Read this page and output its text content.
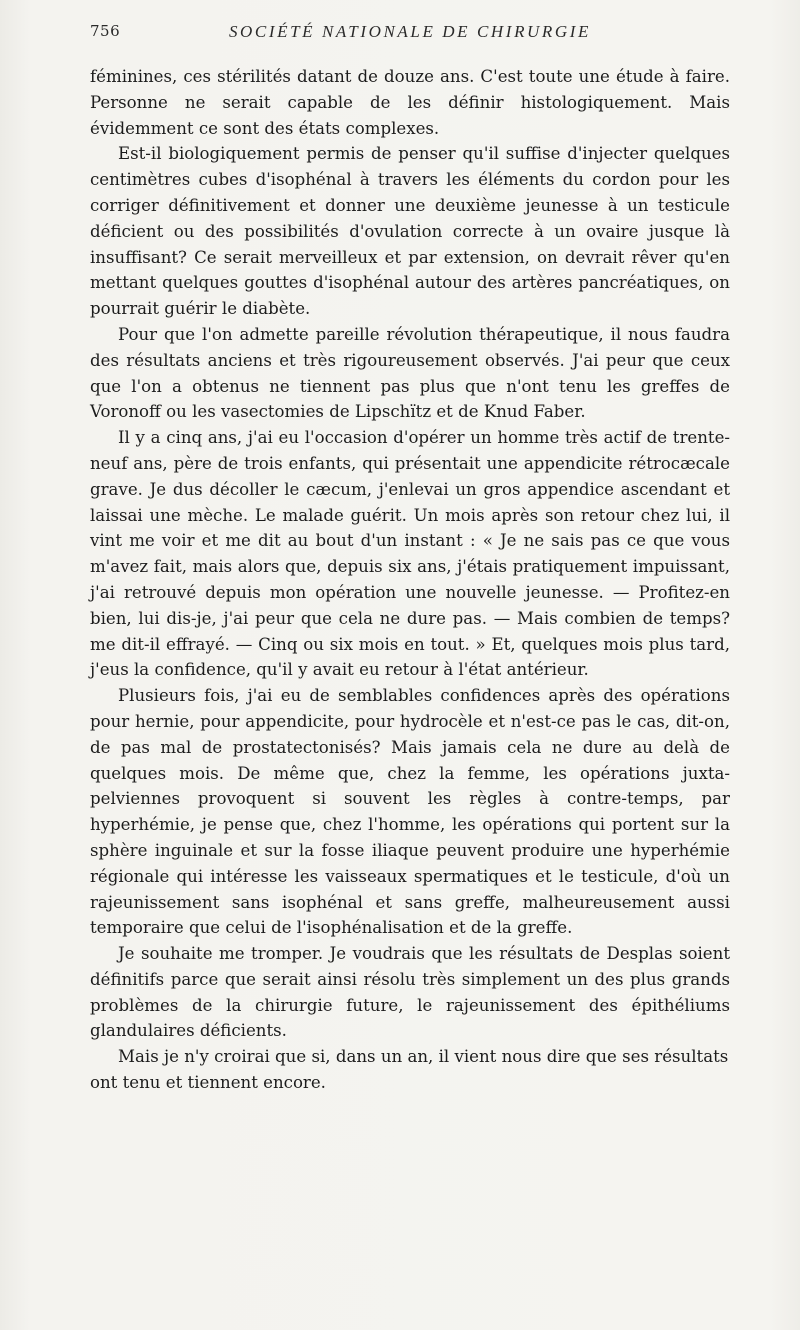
756	SOCIÉTÉ NATIONALE DE CHIRURGIE

féminines, ces stérilités datant de douze ans. C'est toute une étude à faire. Personne ne serait capable de les définir histologiquement. Mais évidemment ce sont des états complexes.

Est-il biologiquement permis de penser qu'il suffise d'injecter quelques centimètres cubes d'isophénal à travers les éléments du cordon pour les corriger définitivement et donner une deuxième jeunesse à un testicule déficient ou des possibilités d'ovulation correcte à un ovaire jusque là insuffisant? Ce serait merveilleux et par extension, on devrait rêver qu'en mettant quelques gouttes d'isophénal autour des artères pancréatiques, on pourrait guérir le diabète.

Pour que l'on admette pareille révolution thérapeutique, il nous faudra des résultats anciens et très rigoureusement observés. J'ai peur que ceux que l'on a obtenus ne tiennent pas plus que n'ont tenu les greffes de Voronoff ou les vasectomies de Lipschïtz et de Knud Faber.

Il y a cinq ans, j'ai eu l'occasion d'opérer un homme très actif de trente-neuf ans, père de trois enfants, qui présentait une appendicite rétrocæcale grave. Je dus décoller le cæcum, j'enlevai un gros appendice ascendant et laissai une mèche. Le malade guérit. Un mois après son retour chez lui, il vint me voir et me dit au bout d'un instant : « Je ne sais pas ce que vous m'avez fait, mais alors que, depuis six ans, j'étais pratiquement impuissant, j'ai retrouvé depuis mon opération une nouvelle jeunesse. — Profitez-en bien, lui dis-je, j'ai peur que cela ne dure pas. — Mais combien de temps? me dit-il effrayé. — Cinq ou six mois en tout. » Et, quelques mois plus tard, j'eus la confidence, qu'il y avait eu retour à l'état antérieur.

Plusieurs fois, j'ai eu de semblables confidences après des opérations pour hernie, pour appendicite, pour hydrocèle et n'est-ce pas le cas, dit-on, de pas mal de prostatectonisés? Mais jamais cela ne dure au delà de quelques mois. De même que, chez la femme, les opérations juxta-pelviennes provoquent si souvent les règles à contre-temps, par hyperhémie, je pense que, chez l'homme, les opérations qui portent sur la sphère inguinale et sur la fosse iliaque peuvent produire une hyperhémie régionale qui intéresse les vaisseaux spermatiques et le testicule, d'où un rajeunissement sans isophénal et sans greffe, malheureusement aussi temporaire que celui de l'isophénalisation et de la greffe.

Je souhaite me tromper. Je voudrais que les résultats de Desplas soient définitifs parce que serait ainsi résolu très simplement un des plus grands problèmes de la chirurgie future, le rajeunissement des épithéliums glandulaires déficients.

Mais je n'y croirai que si, dans un an, il vient nous dire que ses résultats ont tenu et tiennent encore.
